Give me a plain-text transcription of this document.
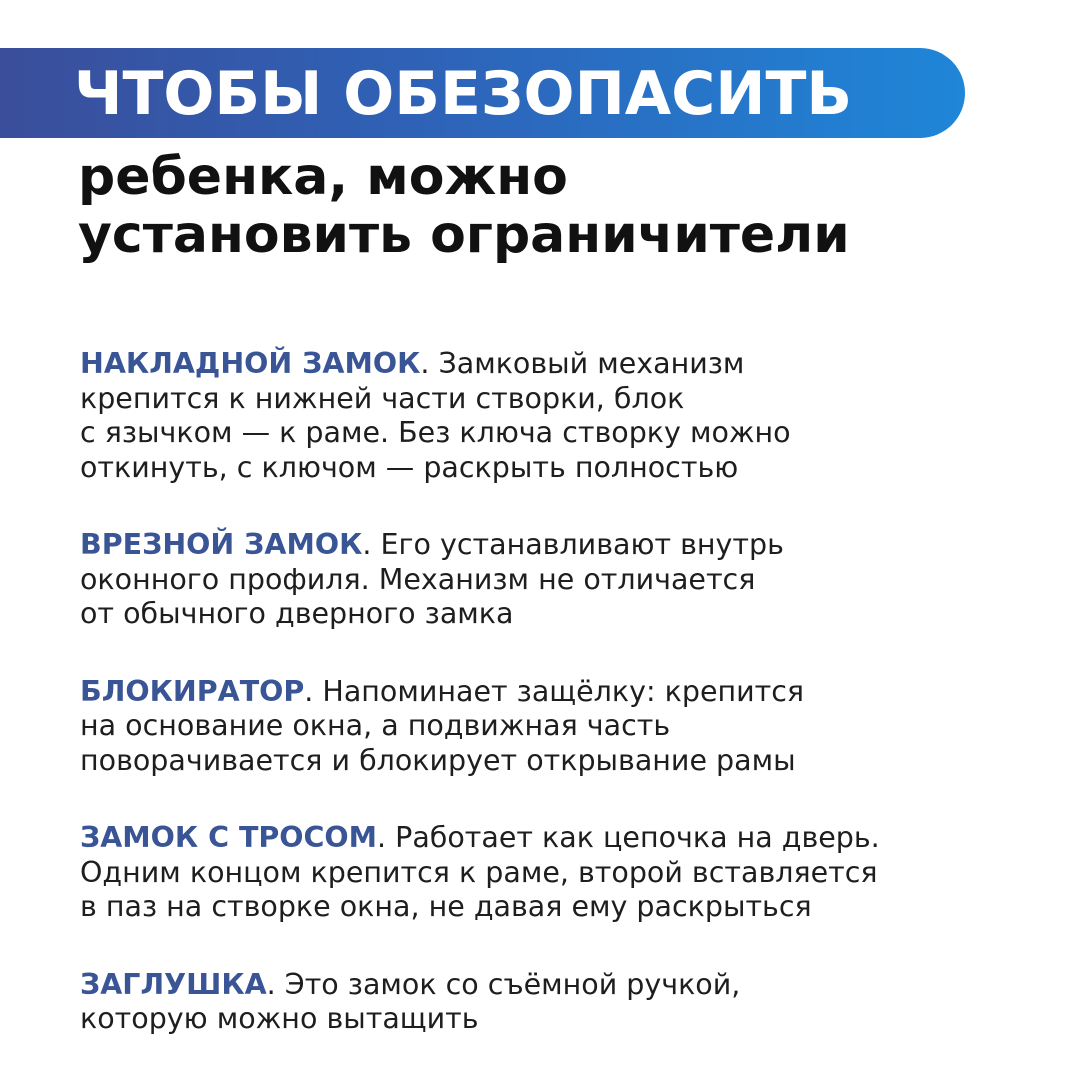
ЧТОБЫ ОБЕЗОПАСИТЬ
ребенка, можно
установить ограничители
НАКЛАДНОЙ ЗАМОК. Замковый механизм
крепится к нижней части створки, блок
с язычком — к раме. Без ключа створку можно
откинуть, с ключом — раскрыть полностью
ВРЕЗНОЙ ЗАМОК. Его устанавливают внутрь
оконного профиля. Механизм не отличается
от обычного дверного замка
БЛОКИРАТОР. Напоминает защёлку: крепится
на основание окна, а подвижная часть
поворачивается и блокирует открывание рамы
ЗАМОК С ТРОСОМ. Работает как цепочка на дверь.
Одним концом крепится к раме, второй вставляется
в паз на створке окна, не давая ему раскрыться
ЗАГЛУШКА. Это замок со съёмной ручкой,
которую можно вытащить
